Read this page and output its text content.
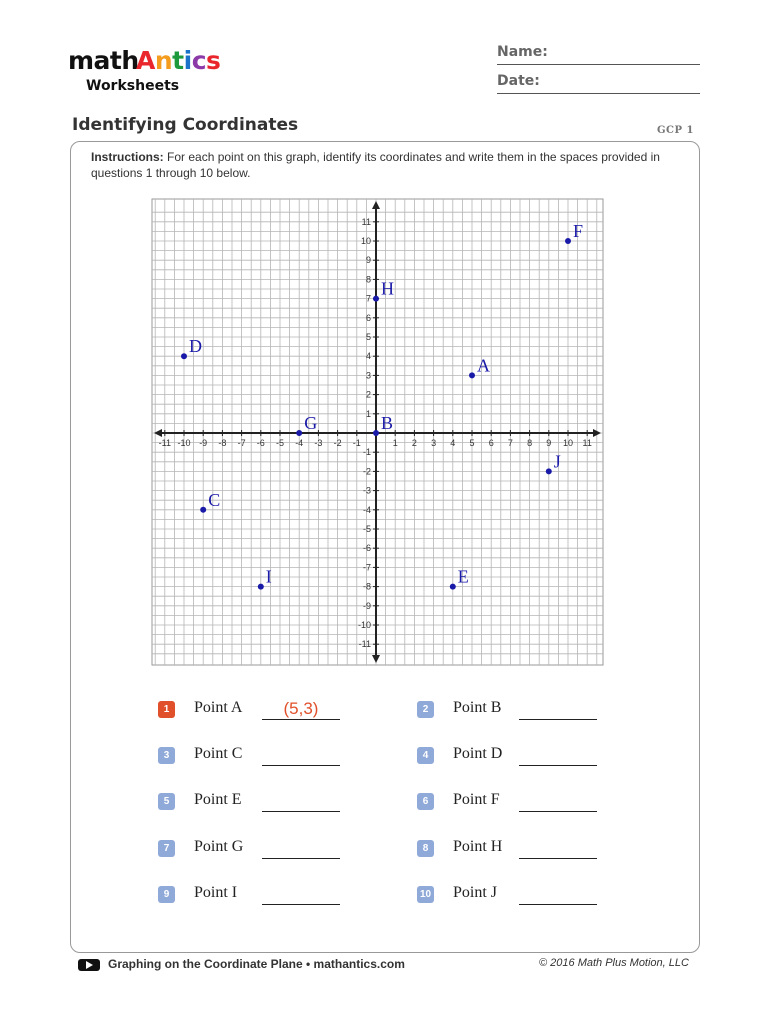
math
Antics
Worksheets
Name:
Date:
Identifying Coordinates	GCP 1
Instructions: For each point on this graph, identify its coordinates and write them in the spaces provided in questions 1 through 10 below.
-11 -10 -9 -8 -7 -6 -5 -4 -3 -2 -1	1 2 3 4 5 6 7 8 9 10 11
-11
-10
-9
-8
-7
-6
-5
-4
-3
-2
-1
1
2
3
4
5
6
7
8
9
10
11
A
B
C
D
E
F
G
H
I
J
1	Point A	(5,3)	2	Point B
3	Point C	4	Point D
5	Point E	6	Point F
7	Point G	8	Point H
9	Point I	10 Point J
Graphing on the Coordinate Plane • mathantics.com	© 2016 Math Plus Motion, LLC
